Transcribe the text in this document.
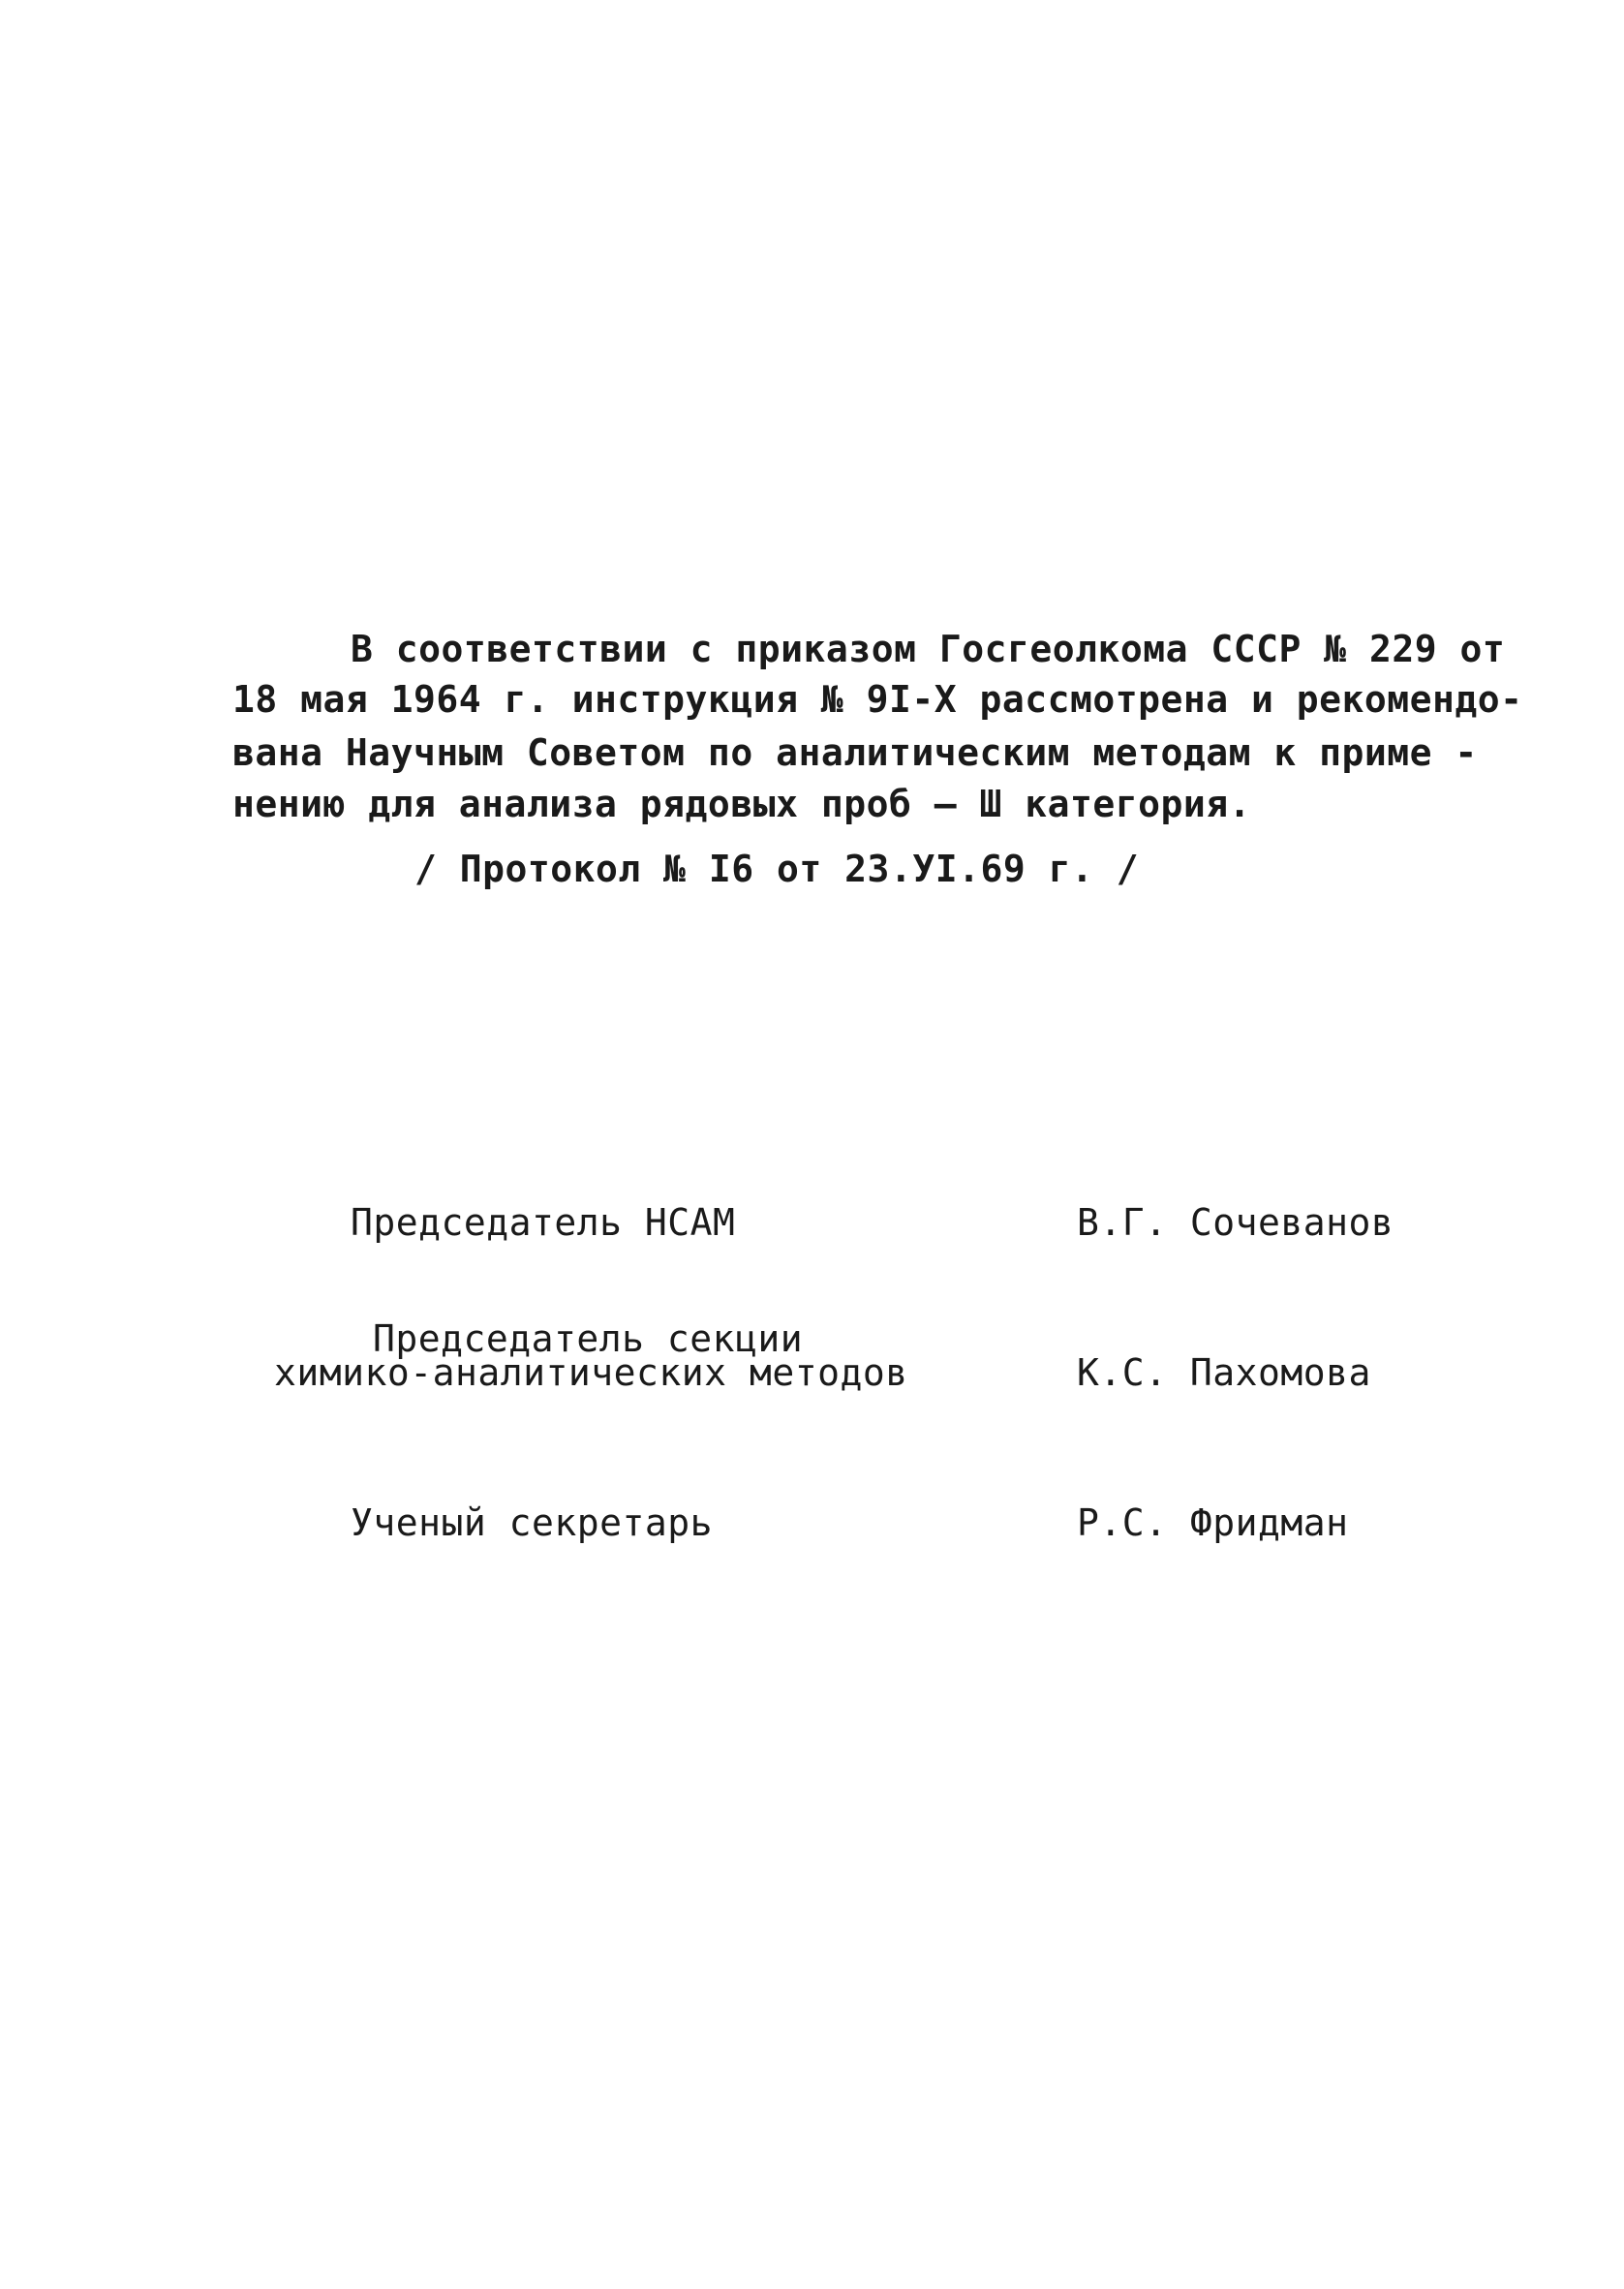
В соответствии с приказом Госгеолкома СССР № 229 от
18 мая 1964 г. инструкция № 9I-Х рассмотрена и рекомендо-
вана Научным Советом по аналитическим методам к приме -
нению для анализа рядовых проб – Ш категория.
/ Протокол № I6 от 23.УI.69 г. /
Председатель НСАМ	В.Г. Сочеванов
Председатель секции
химико-аналитических методов	К.С. Пахомова
Ученый секретарь	Р.С. Фридман
